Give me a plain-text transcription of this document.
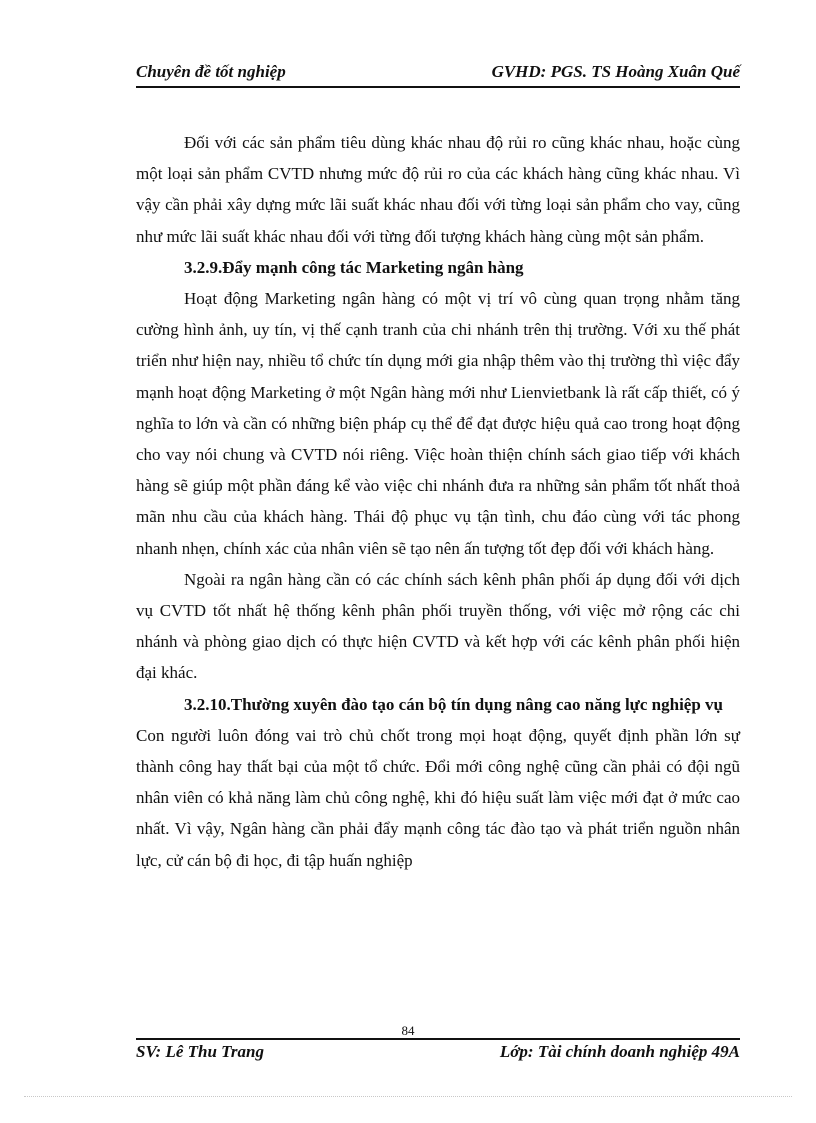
Chuyên đề tốt nghiệp	GVHD: PGS. TS Hoàng Xuân Quế

Đối với các sản phẩm tiêu dùng khác nhau độ rủi ro cũng khác nhau, hoặc cùng một loại sản phẩm CVTD nhưng mức độ rủi ro của các khách hàng cũng khác nhau. Vì vậy cần phải xây dựng mức lãi suất khác nhau đối với từng loại sản phẩm cho vay, cũng như mức lãi suất khác nhau đối với từng đối tượng khách hàng cùng một sản phẩm.

3.2.9.Đẩy mạnh công tác Marketing ngân hàng

Hoạt động Marketing ngân hàng có một vị trí vô cùng quan trọng nhằm tăng cường hình ảnh, uy tín, vị thế cạnh tranh của chi nhánh trên thị trường. Với xu thế phát triển như hiện nay, nhiều tổ chức tín dụng mới gia nhập thêm vào thị trường thì việc đẩy mạnh hoạt động Marketing ở một Ngân hàng mới như Lienvietbank là rất cấp thiết, có ý nghĩa to lớn và cần có những biện pháp cụ thể để đạt được hiệu quả cao trong hoạt động cho vay nói chung và CVTD nói riêng. Việc hoàn thiện chính sách giao tiếp với khách hàng sẽ giúp một phần đáng kể vào việc chi nhánh đưa ra những sản phẩm tốt nhất thoả mãn nhu cầu của khách hàng. Thái độ phục vụ tận tình, chu đáo cùng với tác phong nhanh nhẹn, chính xác của nhân viên sẽ tạo nên ấn tượng tốt đẹp đối với khách hàng.

Ngoài ra ngân hàng cần có các chính sách kênh phân phối áp dụng đối với dịch vụ CVTD tốt nhất hệ thống kênh phân phối truyền thống, với việc mở rộng các chi nhánh và phòng giao dịch có thực hiện CVTD và kết hợp với các kênh phân phối hiện đại khác.

3.2.10.Thường xuyên đào tạo cán bộ tín dụng nâng cao năng lực nghiệp vụ

Con người luôn đóng vai trò chủ chốt trong mọi hoạt động, quyết định phần lớn sự thành công hay thất bại của một tổ chức. Đổi mới công nghệ cũng cần phải có đội ngũ nhân viên có khả năng làm chủ công nghệ, khi đó hiệu suất làm việc mới đạt ở mức cao nhất. Vì vậy, Ngân hàng cần phải đẩy mạnh công tác đào tạo và phát triển nguồn nhân lực, cử cán bộ đi học, đi tập huấn nghiệp

84
SV: Lê Thu Trang	Lớp: Tài chính doanh nghiệp 49A
